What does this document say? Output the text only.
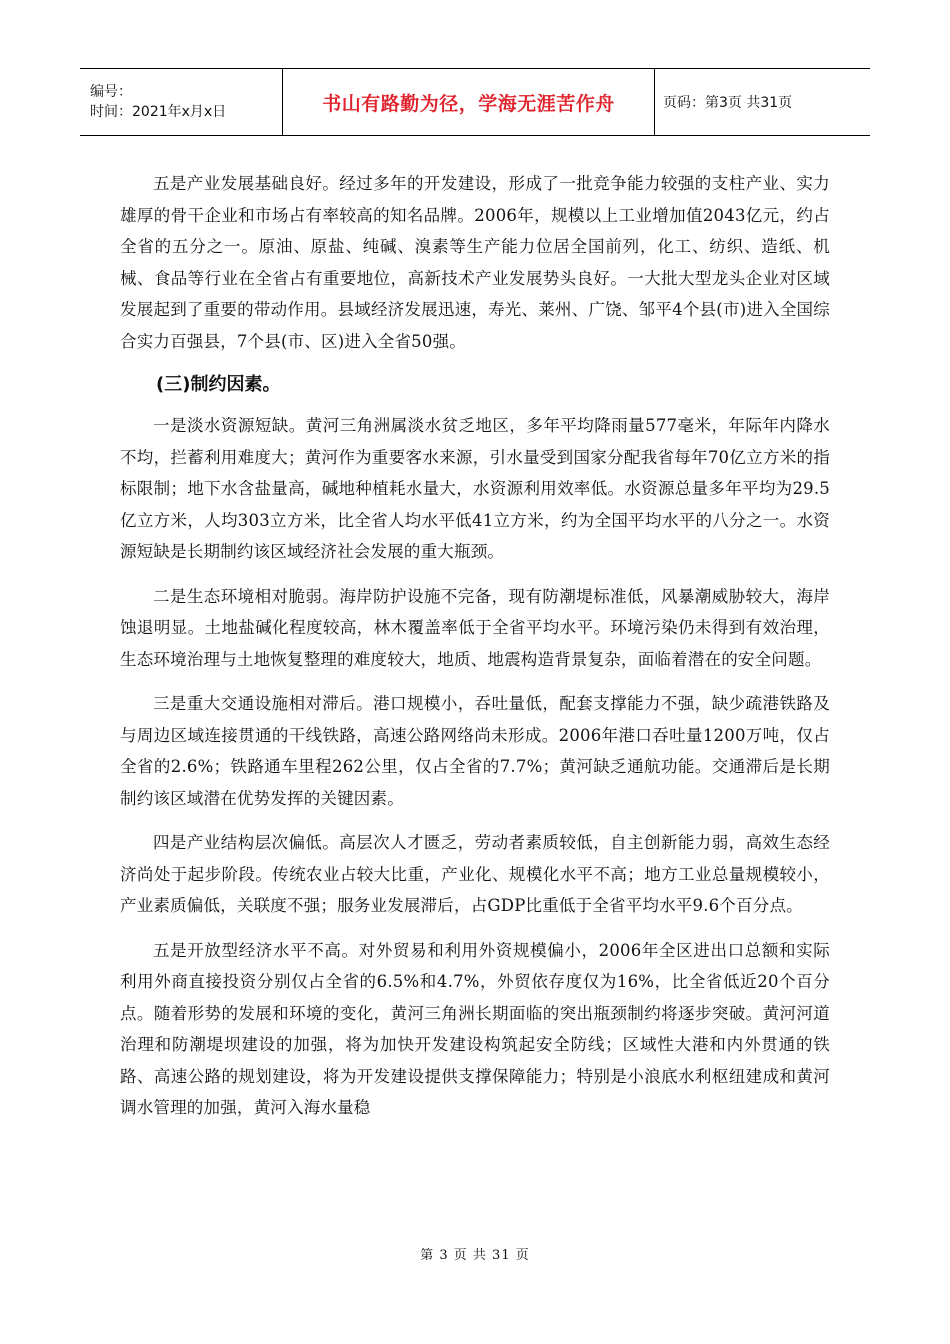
编号：
时间：2021年x月x日	书山有路勤为径，学海无涯苦作舟	页码：第3页 共31页

五是产业发展基础良好。经过多年的开发建设，形成了一批竞争能力较强的支柱产业、实力雄厚的骨干企业和市场占有率较高的知名品牌。2006年，规模以上工业增加值2043亿元，约占全省的五分之一。原油、原盐、纯碱、溴素等生产能力位居全国前列，化工、纺织、造纸、机械、食品等行业在全省占有重要地位，高新技术产业发展势头良好。一大批大型龙头企业对区域发展起到了重要的带动作用。县域经济发展迅速，寿光、莱州、广饶、邹平4个县(市)进入全国综合实力百强县，7个县(市、区)进入全省50强。

(三)制约因素。

一是淡水资源短缺。黄河三角洲属淡水贫乏地区，多年平均降雨量577毫米，年际年内降水不均，拦蓄利用难度大；黄河作为重要客水来源，引水量受到国家分配我省每年70亿立方米的指标限制；地下水含盐量高，碱地种植耗水量大，水资源利用效率低。水资源总量多年平均为29.5亿立方米，人均303立方米，比全省人均水平低41立方米，约为全国平均水平的八分之一。水资源短缺是长期制约该区域经济社会发展的重大瓶颈。

二是生态环境相对脆弱。海岸防护设施不完备，现有防潮堤标准低，风暴潮威胁较大，海岸蚀退明显。土地盐碱化程度较高，林木覆盖率低于全省平均水平。环境污染仍未得到有效治理，生态环境治理与土地恢复整理的难度较大，地质、地震构造背景复杂，面临着潜在的安全问题。

三是重大交通设施相对滞后。港口规模小，吞吐量低，配套支撑能力不强，缺少疏港铁路及与周边区域连接贯通的干线铁路，高速公路网络尚未形成。2006年港口吞吐量1200万吨，仅占全省的2.6%；铁路通车里程262公里，仅占全省的7.7%；黄河缺乏通航功能。交通滞后是长期制约该区域潜在优势发挥的关键因素。

四是产业结构层次偏低。高层次人才匮乏，劳动者素质较低，自主创新能力弱，高效生态经济尚处于起步阶段。传统农业占较大比重，产业化、规模化水平不高；地方工业总量规模较小，产业素质偏低，关联度不强；服务业发展滞后，占GDP比重低于全省平均水平9.6个百分点。

五是开放型经济水平不高。对外贸易和利用外资规模偏小，2006年全区进出口总额和实际利用外商直接投资分别仅占全省的6.5%和4.7%，外贸依存度仅为16%，比全省低近20个百分点。随着形势的发展和环境的变化，黄河三角洲长期面临的突出瓶颈制约将逐步突破。黄河河道治理和防潮堤坝建设的加强，将为加快开发建设构筑起安全防线；区域性大港和内外贯通的铁路、高速公路的规划建设，将为开发建设提供支撑保障能力；特别是小浪底水利枢纽建成和黄河调水管理的加强，黄河入海水量稳

第 3 页 共 31 页
